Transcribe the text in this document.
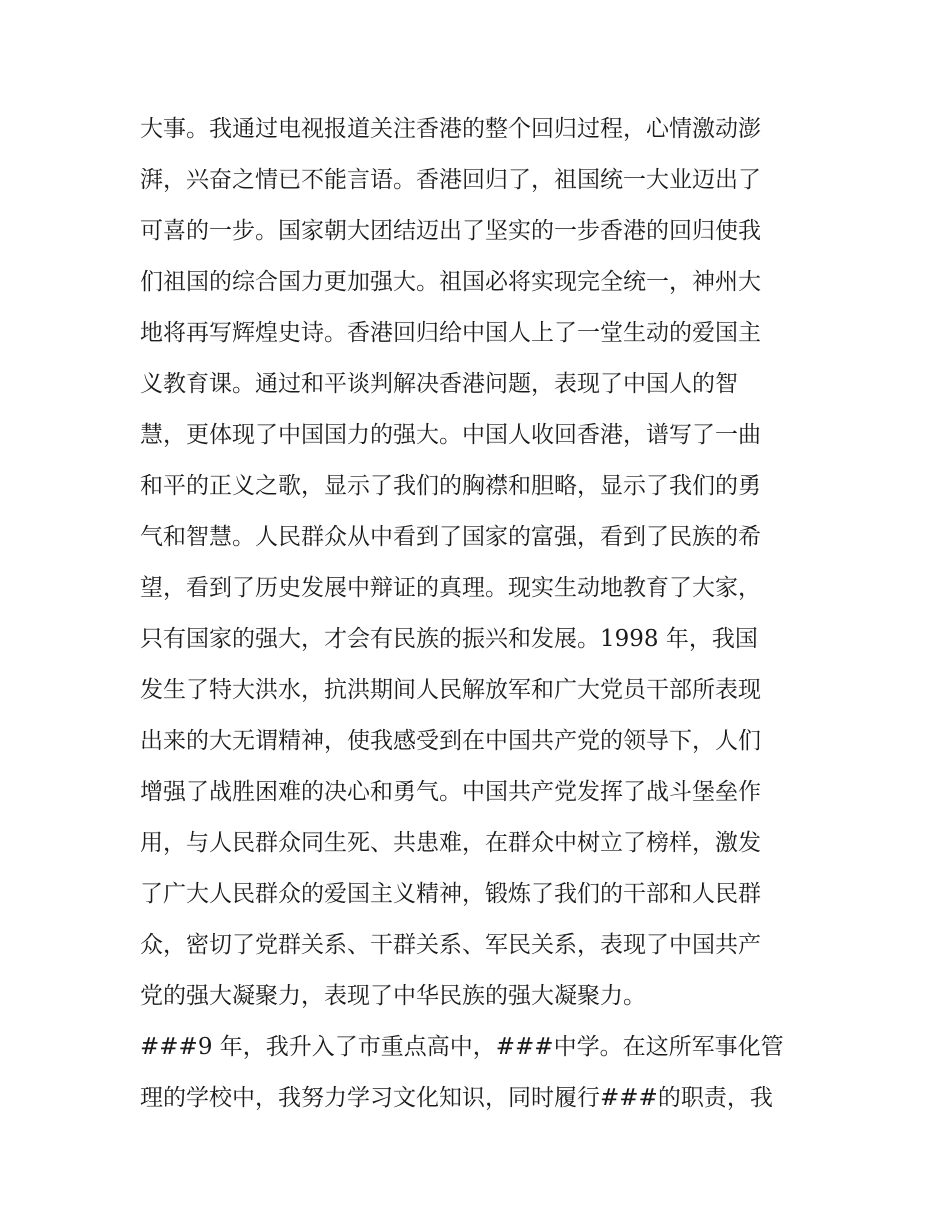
大事。我通过电视报道关注香港的整个回归过程，心情激动澎
湃，兴奋之情已不能言语。香港回归了，祖国统一大业迈出了
可喜的一步。国家朝大团结迈出了坚实的一步香港的回归使我
们祖国的综合国力更加强大。祖国必将实现完全统一，神州大
地将再写辉煌史诗。香港回归给中国人上了一堂生动的爱国主
义教育课。通过和平谈判解决香港问题，表现了中国人的智
慧，更体现了中国国力的强大。中国人收回香港，谱写了一曲
和平的正义之歌，显示了我们的胸襟和胆略，显示了我们的勇
气和智慧。人民群众从中看到了国家的富强，看到了民族的希
望，看到了历史发展中辩证的真理。现实生动地教育了大家，
只有国家的强大，才会有民族的振兴和发展。1998 年，我国
发生了特大洪水，抗洪期间人民解放军和广大党员干部所表现
出来的大无谓精神，使我感受到在中国共产党的领导下，人们
增强了战胜困难的决心和勇气。中国共产党发挥了战斗堡垒作
用，与人民群众同生死、共患难，在群众中树立了榜样，激发
了广大人民群众的爱国主义精神，锻炼了我们的干部和人民群
众，密切了党群关系、干群关系、军民关系，表现了中国共产
党的强大凝聚力，表现了中华民族的强大凝聚力。
###9 年，我升入了市重点高中，###中学。在这所军事化管
理的学校中，我努力学习文化知识，同时履行###的职责，我
